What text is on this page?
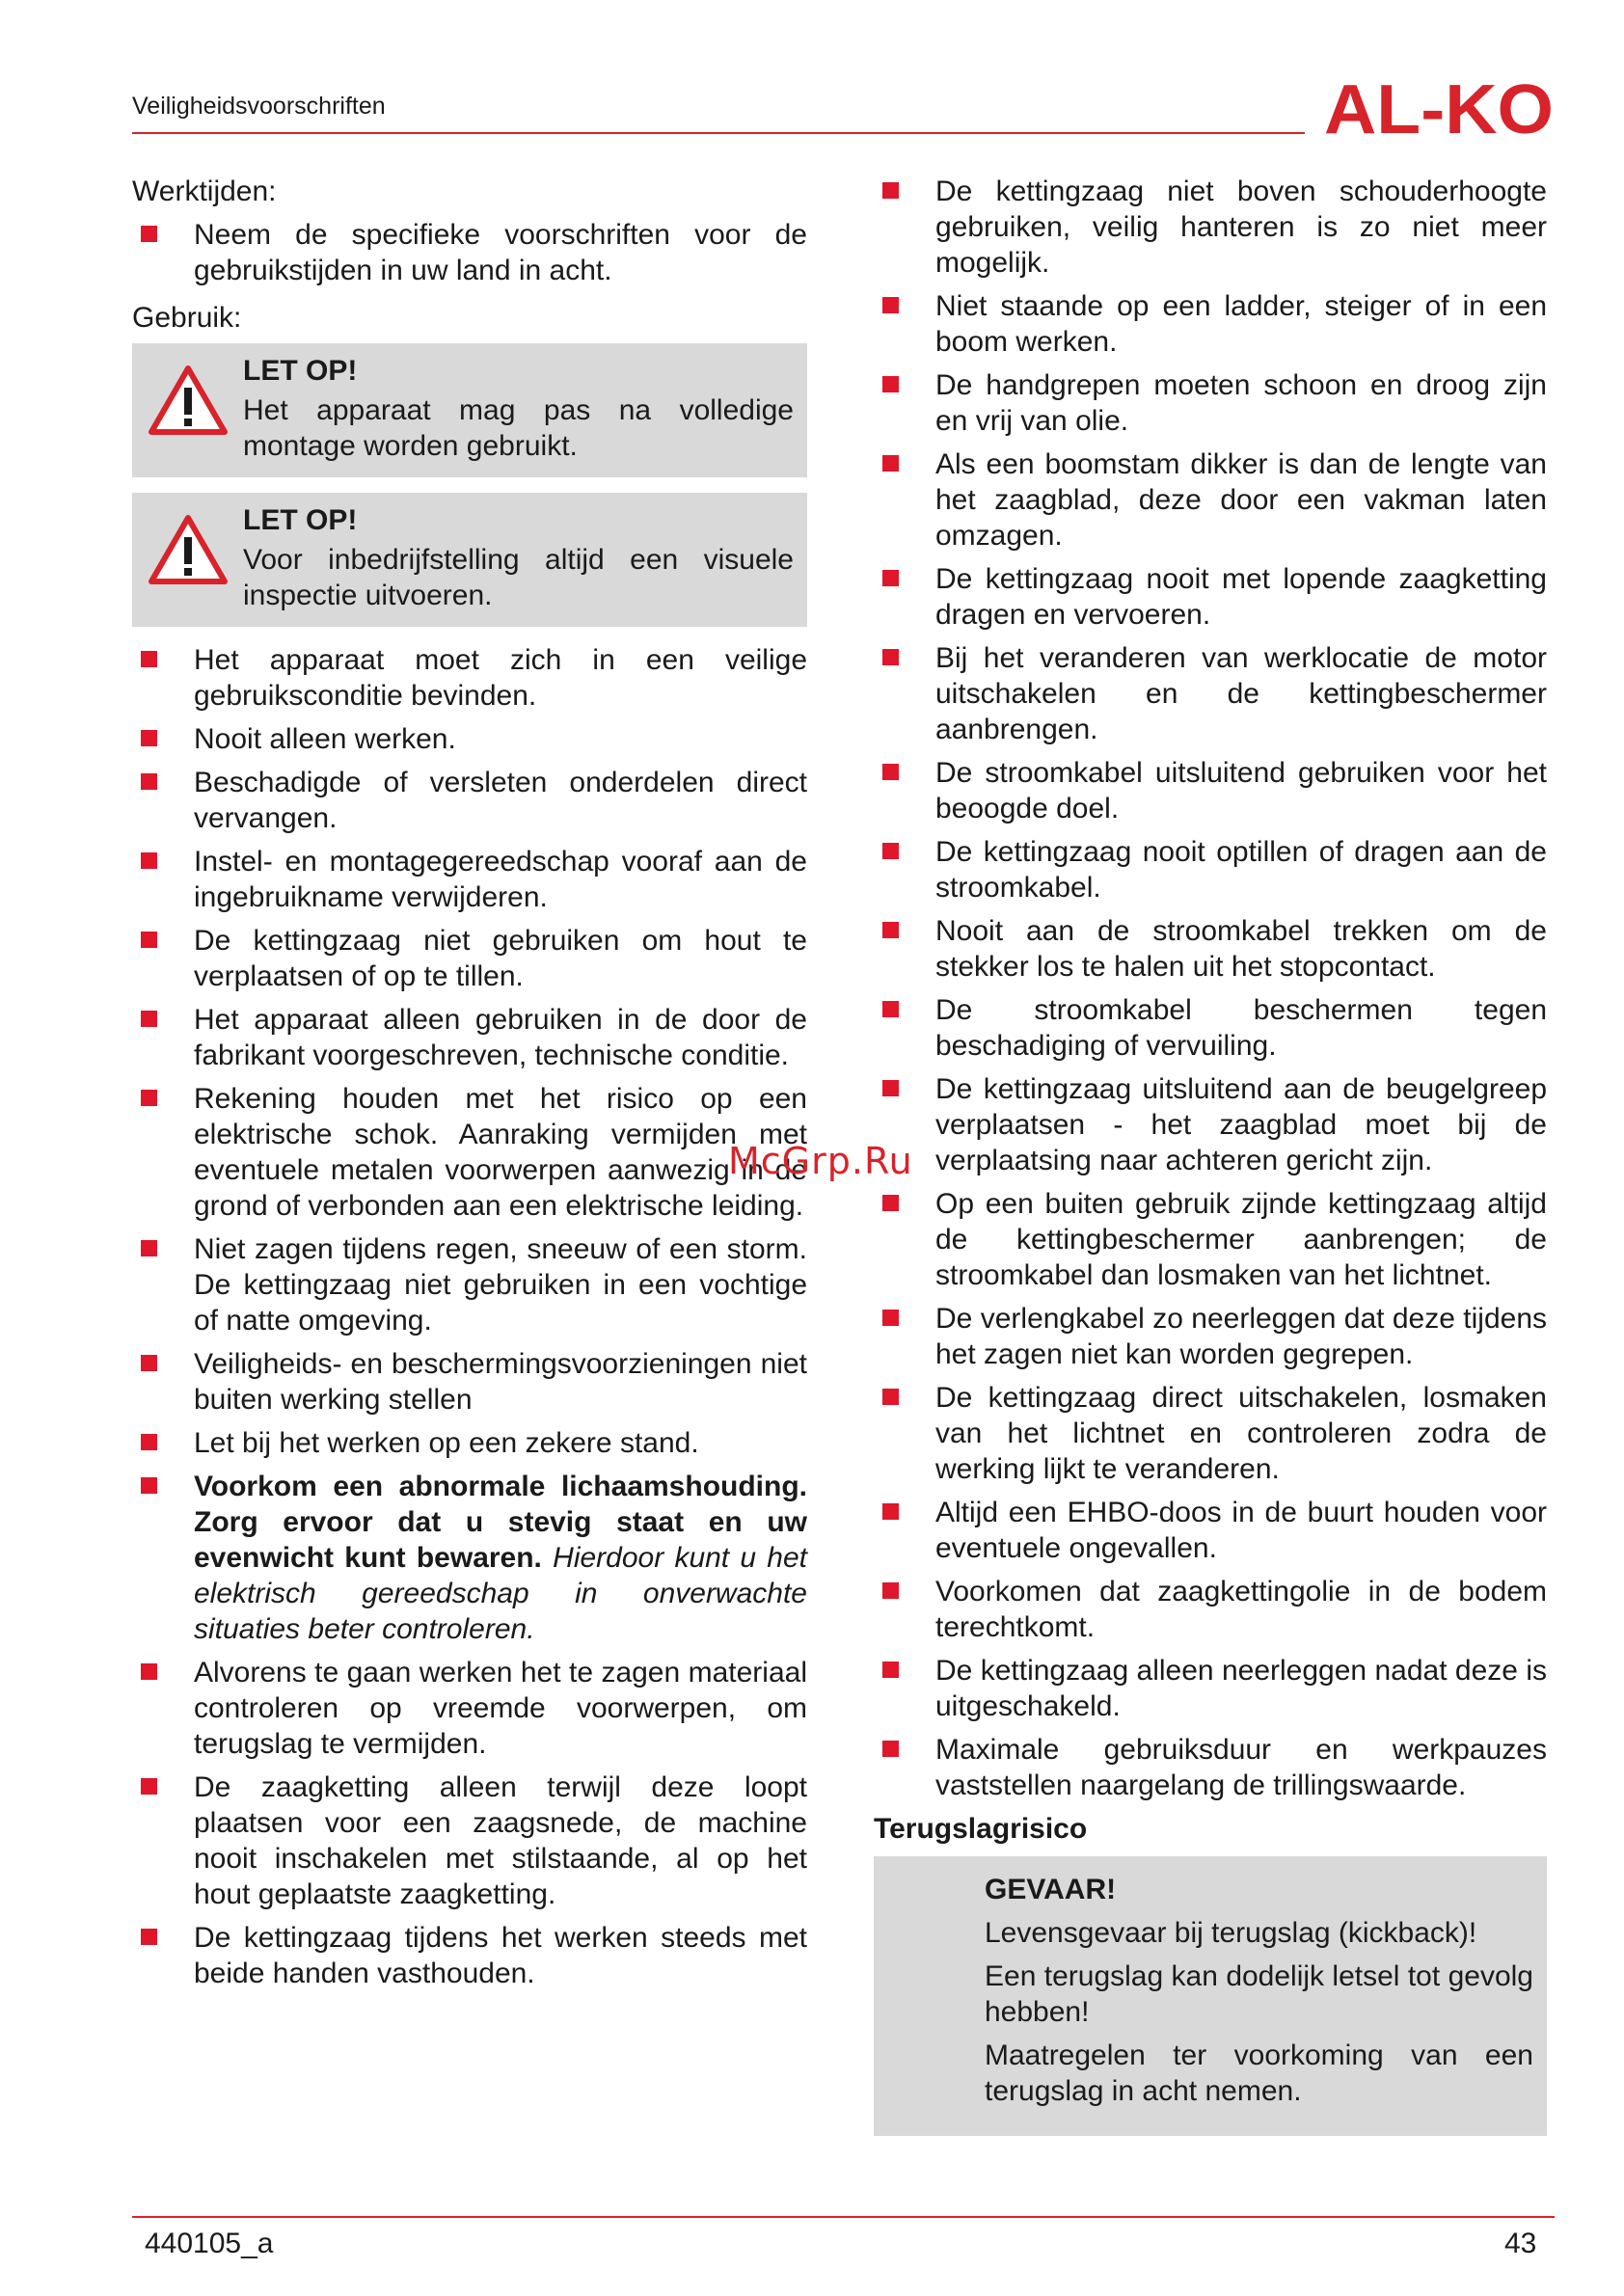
Veiligheidsvoorschriften	AL-KO

Werktijden:

Neem de specifieke voorschriften voor de gebruikstijden in uw land in acht.

Gebruik:

LET OP!
Het apparaat mag pas na volledige montage worden gebruikt.
LET OP!
Voor inbedrijfstelling altijd een visuele inspectie uitvoeren.
Het apparaat moet zich in een veilige gebruiksconditie bevinden.
Nooit alleen werken.
Beschadigde of versleten onderdelen direct vervangen.
Instel- en montagegereedschap vooraf aan de ingebruikname verwijderen.
De kettingzaag niet gebruiken om hout te verplaatsen of op te tillen.
Het apparaat alleen gebruiken in de door de fabrikant voorgeschreven, technische conditie.
Rekening houden met het risico op een elektrische schok. Aanraking vermijden met eventuele metalen voorwerpen aanwezig in de grond of verbonden aan een elektrische leiding.
Niet zagen tijdens regen, sneeuw of een storm. De kettingzaag niet gebruiken in een vochtige of natte omgeving.
Veiligheids- en beschermingsvoorzieningen niet buiten werking stellen
Let bij het werken op een zekere stand.
Voorkom een abnormale lichaamshouding. Zorg ervoor dat u stevig staat en uw evenwicht kunt bewaren. Hierdoor kunt u het elektrisch gereedschap in onverwachte situaties beter controleren.
Alvorens te gaan werken het te zagen materiaal controleren op vreemde voorwerpen, om terugslag te vermijden.
De zaagketting alleen terwijl deze loopt plaatsen voor een zaagsnede, de machine nooit inschakelen met stilstaande, al op het hout geplaatste zaagketting.
De kettingzaag tijdens het werken steeds met beide handen vasthouden.
De kettingzaag niet boven schouderhoogte gebruiken, veilig hanteren is zo niet meer mogelijk.
Niet staande op een ladder, steiger of in een boom werken.
De handgrepen moeten schoon en droog zijn en vrij van olie.
Als een boomstam dikker is dan de lengte van het zaagblad, deze door een vakman laten omzagen.
De kettingzaag nooit met lopende zaagketting dragen en vervoeren.
Bij het veranderen van werklocatie de motor uitschakelen en de kettingbeschermer aanbrengen.
De stroomkabel uitsluitend gebruiken voor het beoogde doel.
De kettingzaag nooit optillen of dragen aan de stroomkabel.
Nooit aan de stroomkabel trekken om de stekker los te halen uit het stopcontact.
De stroomkabel beschermen tegen beschadiging of vervuiling.
De kettingzaag uitsluitend aan de beugelgreep verplaatsen - het zaagblad moet bij de verplaatsing naar achteren gericht zijn.
Op een buiten gebruik zijnde kettingzaag altijd de kettingbeschermer aanbrengen; de stroomkabel dan losmaken van het lichtnet.
De verlengkabel zo neerleggen dat deze tijdens het zagen niet kan worden gegrepen.
De kettingzaag direct uitschakelen, losmaken van het lichtnet en controleren zodra de werking lijkt te veranderen.
Altijd een EHBO-doos in de buurt houden voor eventuele ongevallen.
Voorkomen dat zaagkettingolie in de bodem terechtkomt.
De kettingzaag alleen neerleggen nadat deze is uitgeschakeld.
Maximale gebruiksduur en werkpauzes vaststellen naargelang de trillingswaarde.

Terugslagrisico

GEVAAR!
Levensgevaar bij terugslag (kickback)!
Een terugslag kan dodelijk letsel tot gevolg hebben!
Maatregelen ter voorkoming van een terugslag in acht nemen.
McGrp.Ru
440105_a	43
